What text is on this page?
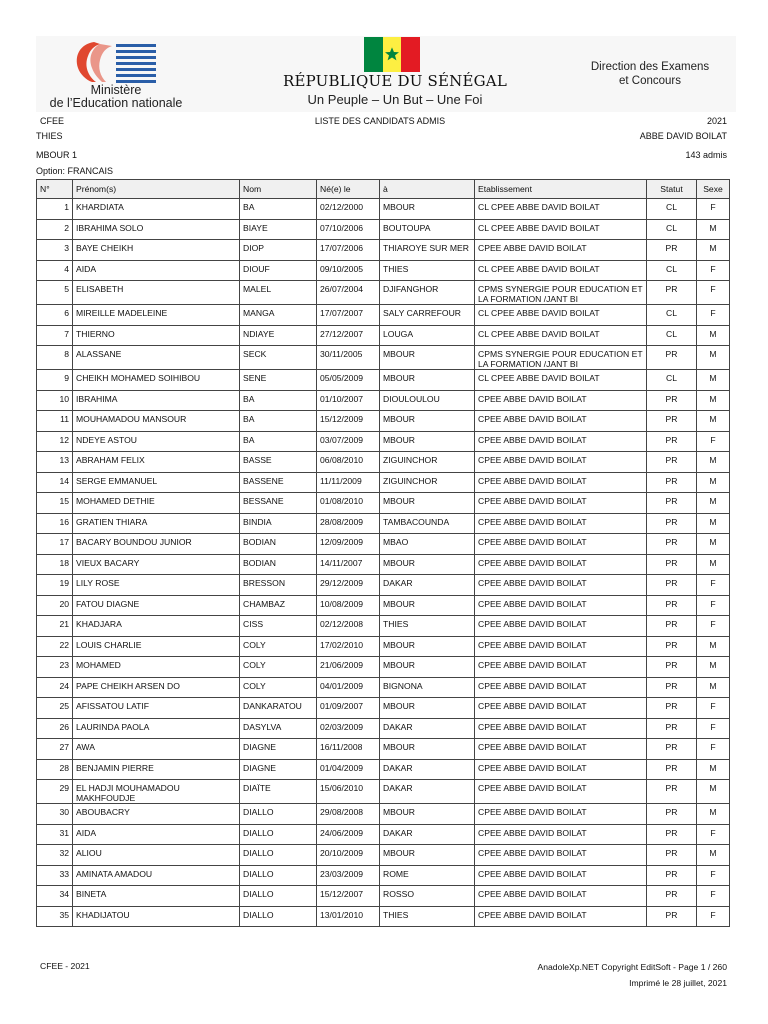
Ministère
de l’Education nationale
RÉPUBLIQUE DU SÉNÉGAL
Un Peuple – Un But – Une Foi
Direction des Examens
et Concours
CFEE
THIES
LISTE DES CANDIDATS ADMIS	2021
ABBE DAVID BOILAT
MBOUR 1	143 admis
Option: FRANCAIS
N°	Prénom(s)	Nom	Né(e) le	à	Etablissement	Statut	Sexe
1	KHARDIATA	BA	02/12/2000	MBOUR	CL CPEE ABBE DAVID BOILAT	CL	F
2	IBRAHIMA SOLO	BIAYE	07/10/2006	BOUTOUPA	CL CPEE ABBE DAVID BOILAT	CL	M
3	BAYE CHEIKH	DIOP	17/07/2006	THIAROYE SUR MER	CPEE ABBE DAVID BOILAT	PR	M
4	AIDA	DIOUF	09/10/2005	THIES	CL CPEE ABBE DAVID BOILAT	CL	F
5	ELISABETH	MALEL	26/07/2004	DJIFANGHOR	CPMS SYNERGIE POUR EDUCATION ET LA FORMATION /JANT BI	PR	F
6	MIREILLE MADELEINE	MANGA	17/07/2007	SALY CARREFOUR	CL CPEE ABBE DAVID BOILAT	CL	F
7	THIERNO	NDIAYE	27/12/2007	LOUGA	CL CPEE ABBE DAVID BOILAT	CL	M
8	ALASSANE	SECK	30/11/2005	MBOUR	CPMS SYNERGIE POUR EDUCATION ET LA FORMATION /JANT BI	PR	M
9	CHEIKH MOHAMED SOIHIBOU	SENE	05/05/2009	MBOUR	CL CPEE ABBE DAVID BOILAT	CL	M
10	IBRAHIMA	BA	01/10/2007	DIOULOULOU	CPEE ABBE DAVID BOILAT	PR	M
11	MOUHAMADOU MANSOUR	BA	15/12/2009	MBOUR	CPEE ABBE DAVID BOILAT	PR	M
12	NDEYE ASTOU	BA	03/07/2009	MBOUR	CPEE ABBE DAVID BOILAT	PR	F
13	ABRAHAM FELIX	BASSE	06/08/2010	ZIGUINCHOR	CPEE ABBE DAVID BOILAT	PR	M
14	SERGE EMMANUEL	BASSENE	11/11/2009	ZIGUINCHOR	CPEE ABBE DAVID BOILAT	PR	M
15	MOHAMED DETHIE	BESSANE	01/08/2010	MBOUR	CPEE ABBE DAVID BOILAT	PR	M
16	GRATIEN THIARA	BINDIA	28/08/2009	TAMBACOUNDA	CPEE ABBE DAVID BOILAT	PR	M
17	BACARY BOUNDOU JUNIOR	BODIAN	12/09/2009	MBAO	CPEE ABBE DAVID BOILAT	PR	M
18	VIEUX BACARY	BODIAN	14/11/2007	MBOUR	CPEE ABBE DAVID BOILAT	PR	M
19	LILY ROSE	BRESSON	29/12/2009	DAKAR	CPEE ABBE DAVID BOILAT	PR	F
20	FATOU DIAGNE	CHAMBAZ	10/08/2009	MBOUR	CPEE ABBE DAVID BOILAT	PR	F
21	KHADJARA	CISS	02/12/2008	THIES	CPEE ABBE DAVID BOILAT	PR	F
22	LOUIS CHARLIE	COLY	17/02/2010	MBOUR	CPEE ABBE DAVID BOILAT	PR	M
23	MOHAMED	COLY	21/06/2009	MBOUR	CPEE ABBE DAVID BOILAT	PR	M
24	PAPE CHEIKH ARSEN DO	COLY	04/01/2009	BIGNONA	CPEE ABBE DAVID BOILAT	PR	M
25	AFISSATOU LATIF	DANKARATOU	01/09/2007	MBOUR	CPEE ABBE DAVID BOILAT	PR	F
26	LAURINDA PAOLA	DASYLVA	02/03/2009	DAKAR	CPEE ABBE DAVID BOILAT	PR	F
27	AWA	DIAGNE	16/11/2008	MBOUR	CPEE ABBE DAVID BOILAT	PR	F
28	BENJAMIN PIERRE	DIAGNE	01/04/2009	DAKAR	CPEE ABBE DAVID BOILAT	PR	M
29	EL HADJI MOUHAMADOU MAKHFOUDJE	DIAÏTE	15/06/2010	DAKAR	CPEE ABBE DAVID BOILAT	PR	M
30	ABOUBACRY	DIALLO	29/08/2008	MBOUR	CPEE ABBE DAVID BOILAT	PR	M
31	AIDA	DIALLO	24/06/2009	DAKAR	CPEE ABBE DAVID BOILAT	PR	F
32	ALIOU	DIALLO	20/10/2009	MBOUR	CPEE ABBE DAVID BOILAT	PR	M
33	AMINATA AMADOU	DIALLO	23/03/2009	ROME	CPEE ABBE DAVID BOILAT	PR	F
34	BINETA	DIALLO	15/12/2007	ROSSO	CPEE ABBE DAVID BOILAT	PR	F
35	KHADIJATOU	DIALLO	13/01/2010	THIES	CPEE ABBE DAVID BOILAT	PR	F
CFEE - 2021	AnadoleXp.NET Copyright EditSoft - Page 1 / 260
Imprimé le 28 juillet, 2021
